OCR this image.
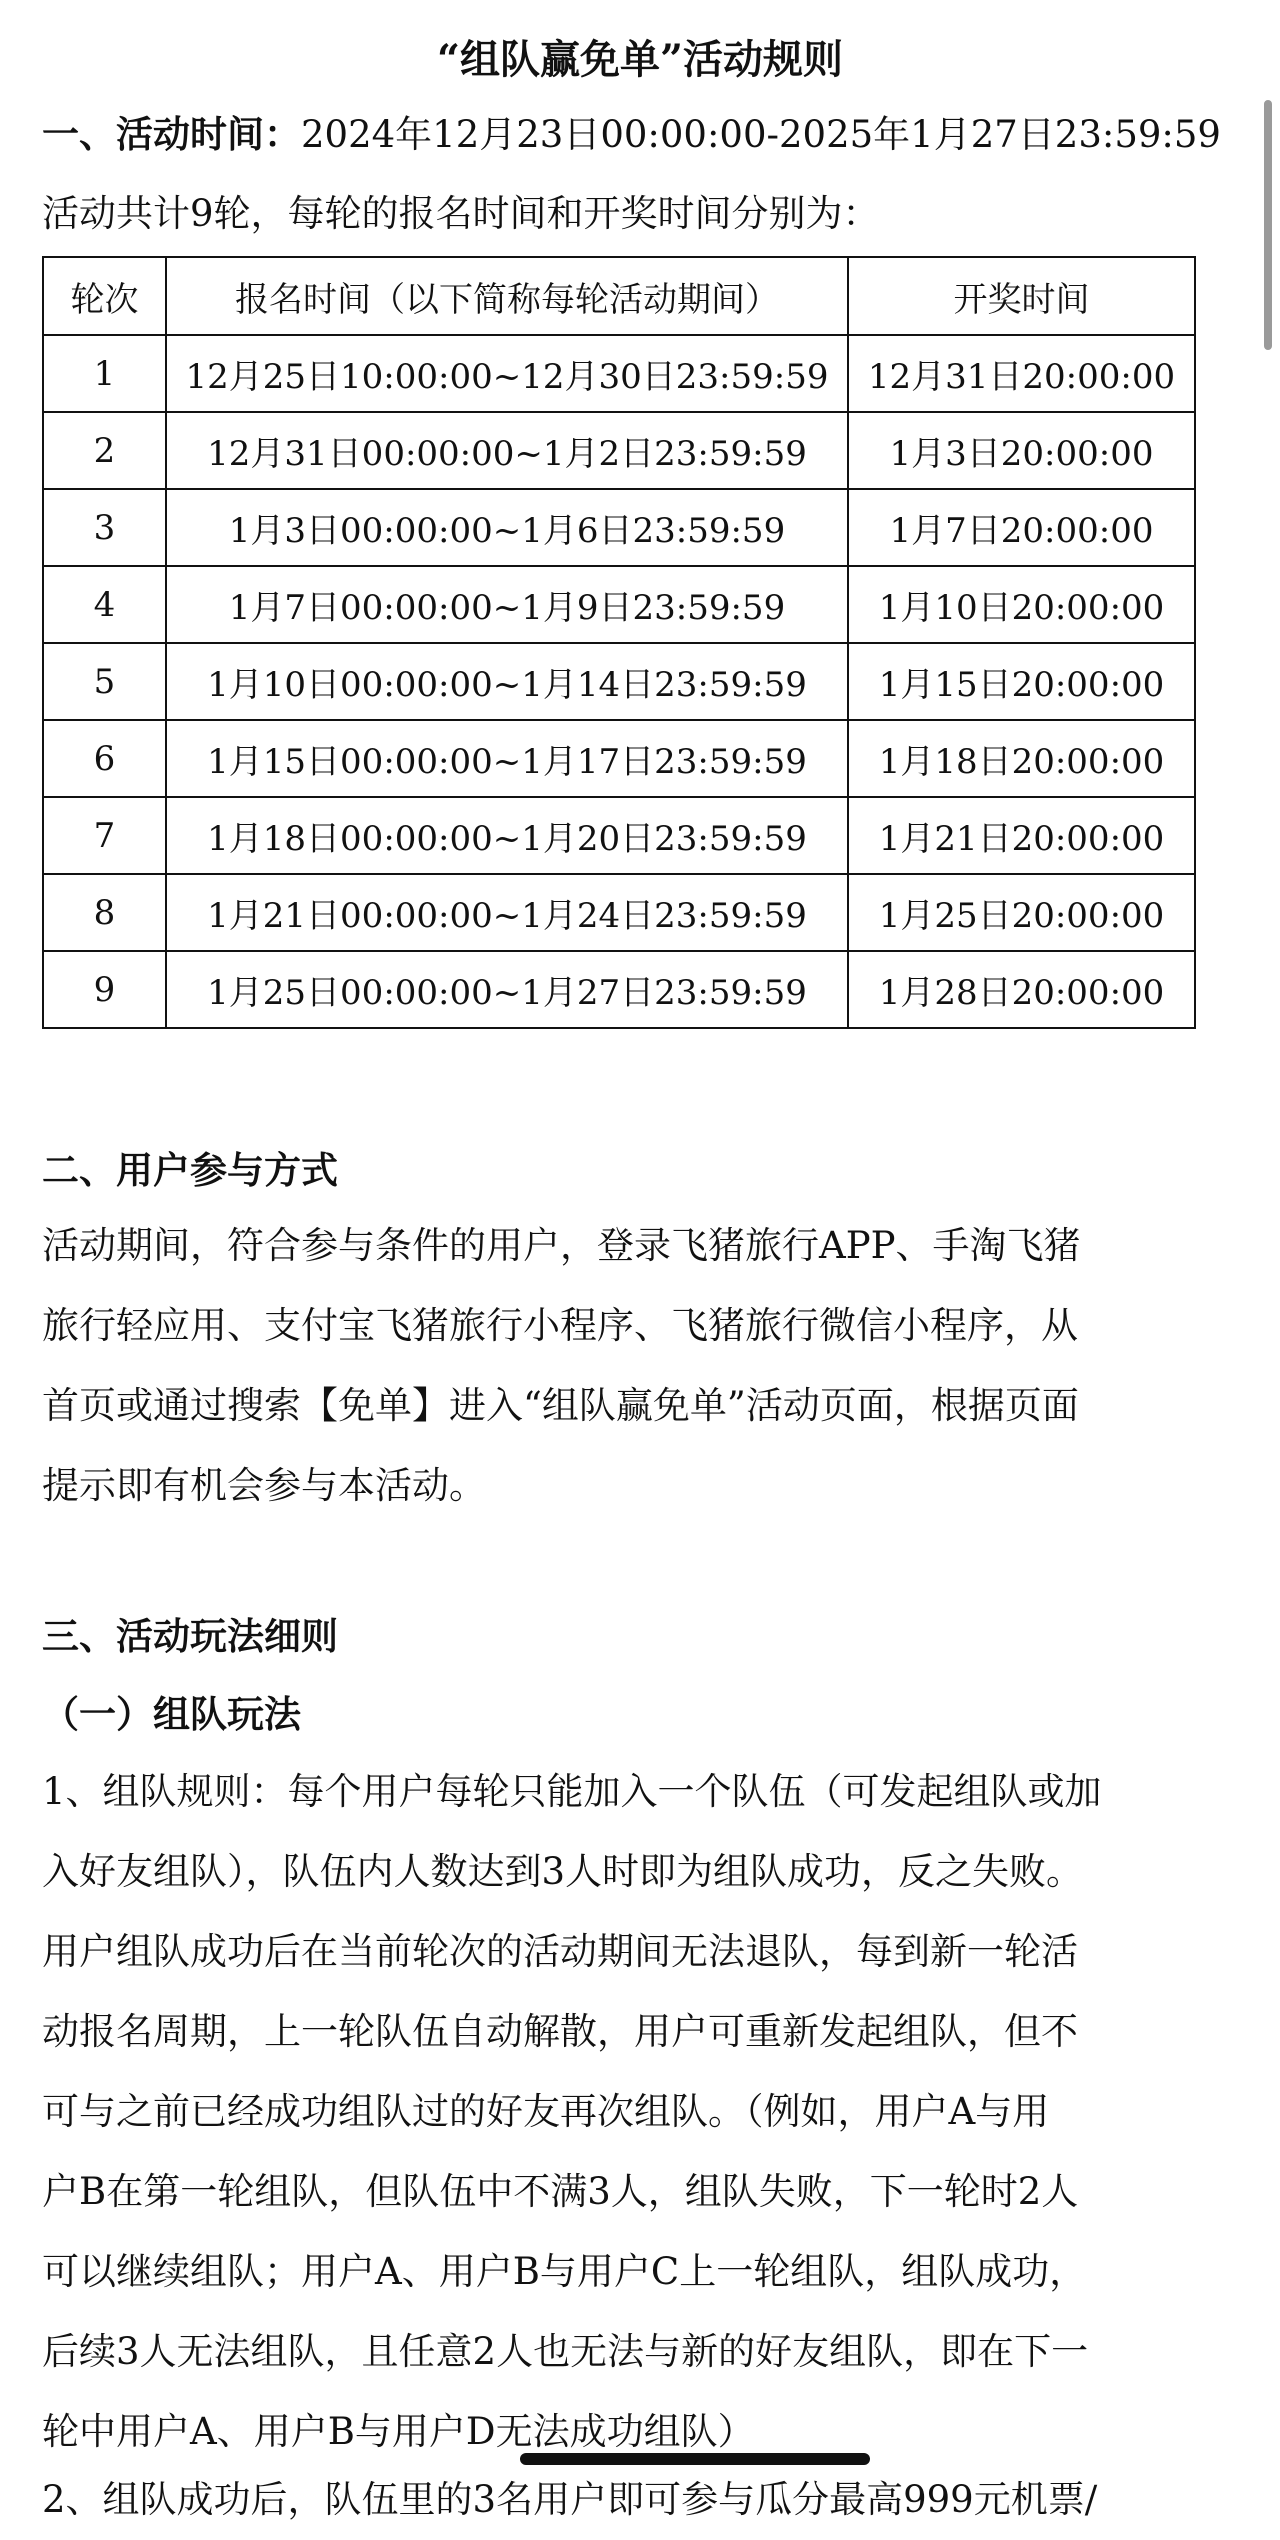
“组队赢免单”活动规则
一、活动时间：2024年12月23日00:00:00-2025年1月27日23:59:59
活动共计9轮，每轮的报名时间和开奖时间分别为：
轮次	报名时间（以下简称每轮活动期间）	开奖时间
1	12月25日10:00:00~12月30日23:59:59	12月31日20:00:00
2	12月31日00:00:00~1月2日23:59:59	1月3日20:00:00
3	1月3日00:00:00~1月6日23:59:59	1月7日20:00:00
4	1月7日00:00:00~1月9日23:59:59	1月10日20:00:00
5	1月10日00:00:00~1月14日23:59:59	1月15日20:00:00
6	1月15日00:00:00~1月17日23:59:59	1月18日20:00:00
7	1月18日00:00:00~1月20日23:59:59	1月21日20:00:00
8	1月21日00:00:00~1月24日23:59:59	1月25日20:00:00
9	1月25日00:00:00~1月27日23:59:59	1月28日20:00:00
二、用户参与方式
活动期间，符合参与条件的用户，登录飞猪旅行APP、手淘飞猪
旅行轻应用、支付宝飞猪旅行小程序、飞猪旅行微信小程序，从
首页或通过搜索【免单】进入“组队赢免单”活动页面，根据页面
提示即有机会参与本活动。
三、活动玩法细则
（一）组队玩法
1、组队规则：每个用户每轮只能加入一个队伍（可发起组队或加
入好友组队），队伍内人数达到3人时即为组队成功，反之失败。
用户组队成功后在当前轮次的活动期间无法退队，每到新一轮活
动报名周期，上一轮队伍自动解散，用户可重新发起组队，但不
可与之前已经成功组队过的好友再次组队。（例如，用户A与用
户B在第一轮组队，但队伍中不满3人，组队失败，下一轮时2人
可以继续组队；用户A、用户B与用户C上一轮组队，组队成功，
后续3人无法组队，且任意2人也无法与新的好友组队，即在下一
轮中用户A、用户B与用户D无法成功组队）
2、组队成功后，队伍里的3名用户即可参与瓜分最高999元机票/
